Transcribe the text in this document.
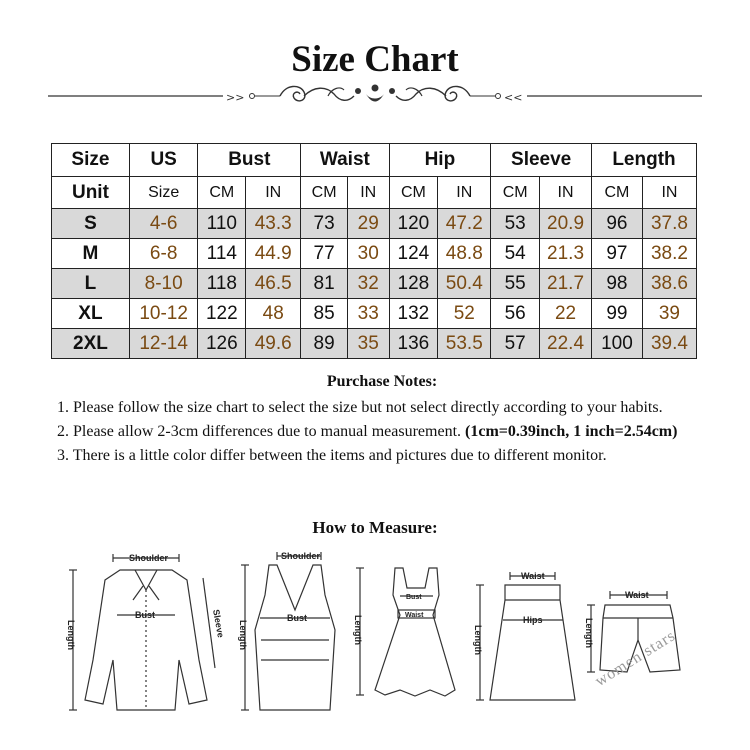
Size Chart
>>	<<
Size	US	Bust		Waist		Hip		Sleeve		Length	
Unit	Size	CM	IN	CM	IN	CM	IN	CM	IN	CM	IN
S	4-6	110	43.3	73	29	120	47.2	53	20.9	96	37.8
M	6-8	114	44.9	77	30	124	48.8	54	21.3	97	38.2
L	8-10	118	46.5	81	32	128	50.4	55	21.7	98	38.6
XL	10-12	122	48	85	33	132	52	56	22	99	39
2XL	12-14	126	49.6	89	35	136	53.5	57	22.4	100	39.4
Purchase Notes:

1. Please follow the size chart to select the size but not select directly according to your habits.

2. Please allow 2-3cm differences due to manual measurement. (1cm=0.39inch, 1 inch=2.54cm)

3. There is a little color differ between the items and pictures due to different monitor.

How to Measure:
Shoulder
Bust	Sleeve
Length
Shoulder
Bust
Length
Bust
Waist
Length
Waist
Hips
Length
Waist
Length
women stars
